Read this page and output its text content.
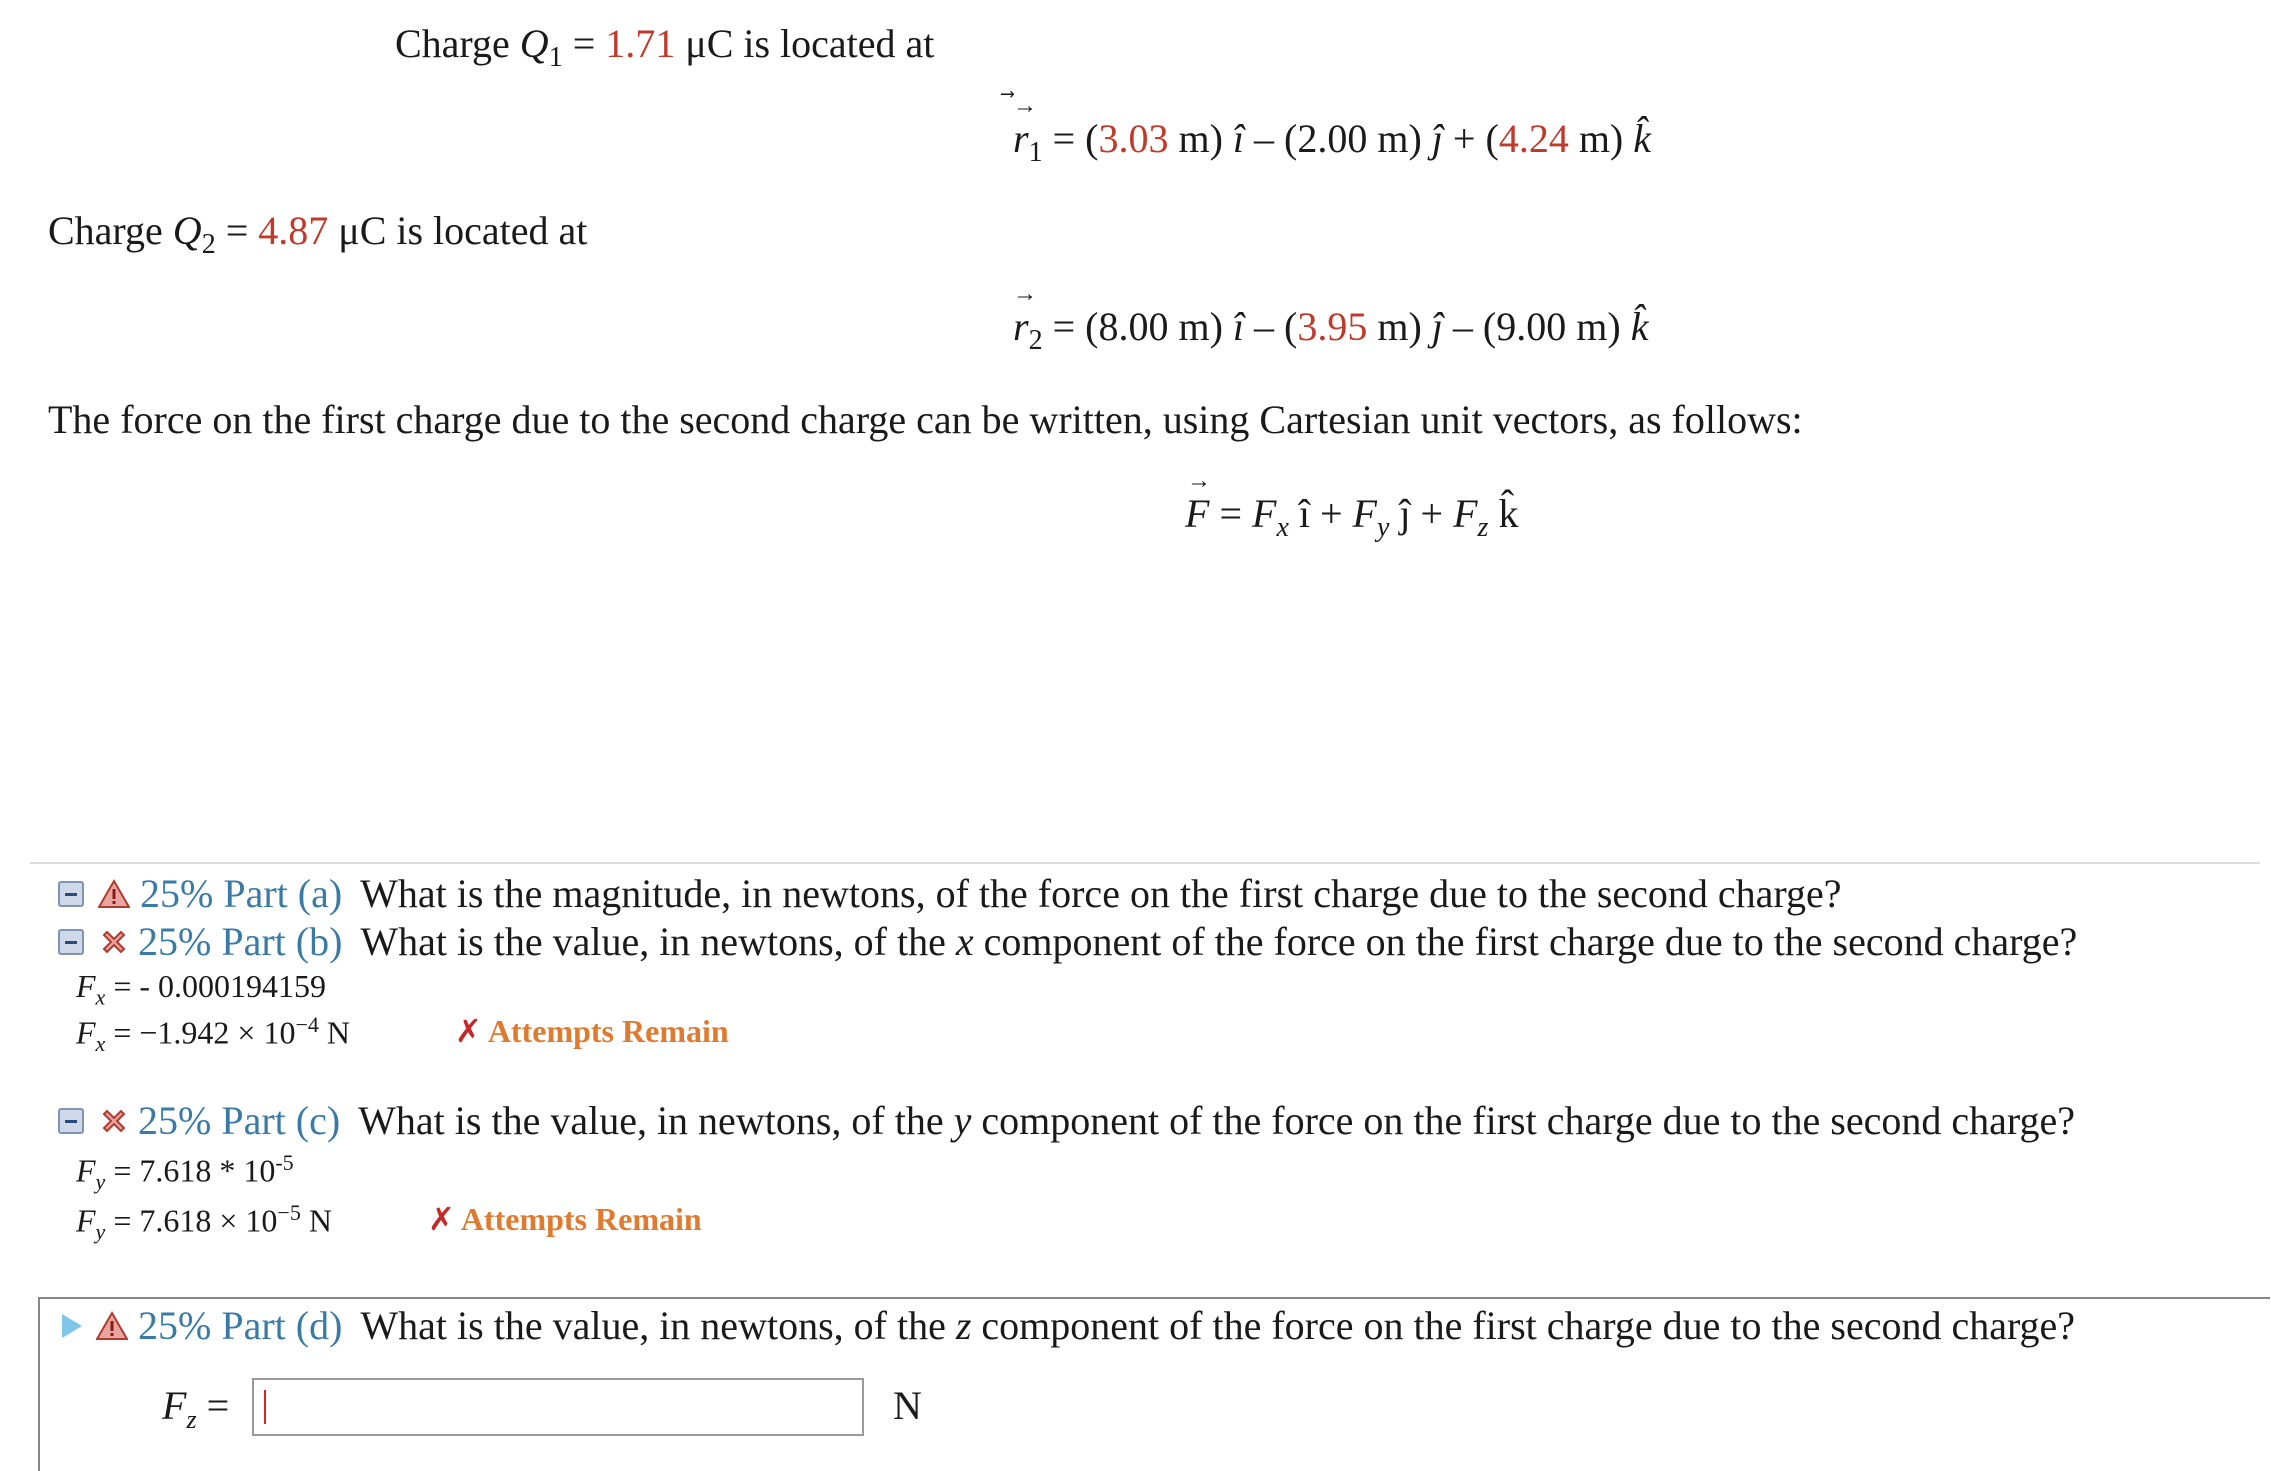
Charge $Q_1 = 1.71$ μC is located at
→
$r_1 = (3.03$ m) î – (2.00 m) ĵ + (4.24 m) k̂
Charge $Q_2 = 4.87$ μC is located at
→
$r_2 = (8.00$ m) î – (3.95 m) ĵ – (9.00 m) k̂
The force on the first charge due to the second charge can be written, using Cartesian unit vectors, as follows:
→
$F = F_x$ î + $F_y$ ĵ + $F_z$ k̂
25% Part (a) What is the magnitude, in newtons, of the force on the first charge due to the second charge?
25% Part (b) What is the value, in newtons, of the x component of the force on the first charge due to the second charge?
$F_x$ = - 0.000194159
$F_x = -1.942 \times 10^{-4}$ N	✗ Attempts Remain
25% Part (c) What is the value, in newtons, of the y component of the force on the first charge due to the second charge?
$F_y = 7.618 * 10^{-5}$
$F_y = 7.618 \times 10^{-5}$ N	✗ Attempts Remain
25% Part (d) What is the value, in newtons, of the z component of the force on the first charge due to the second charge?
$F_z$ =	N
